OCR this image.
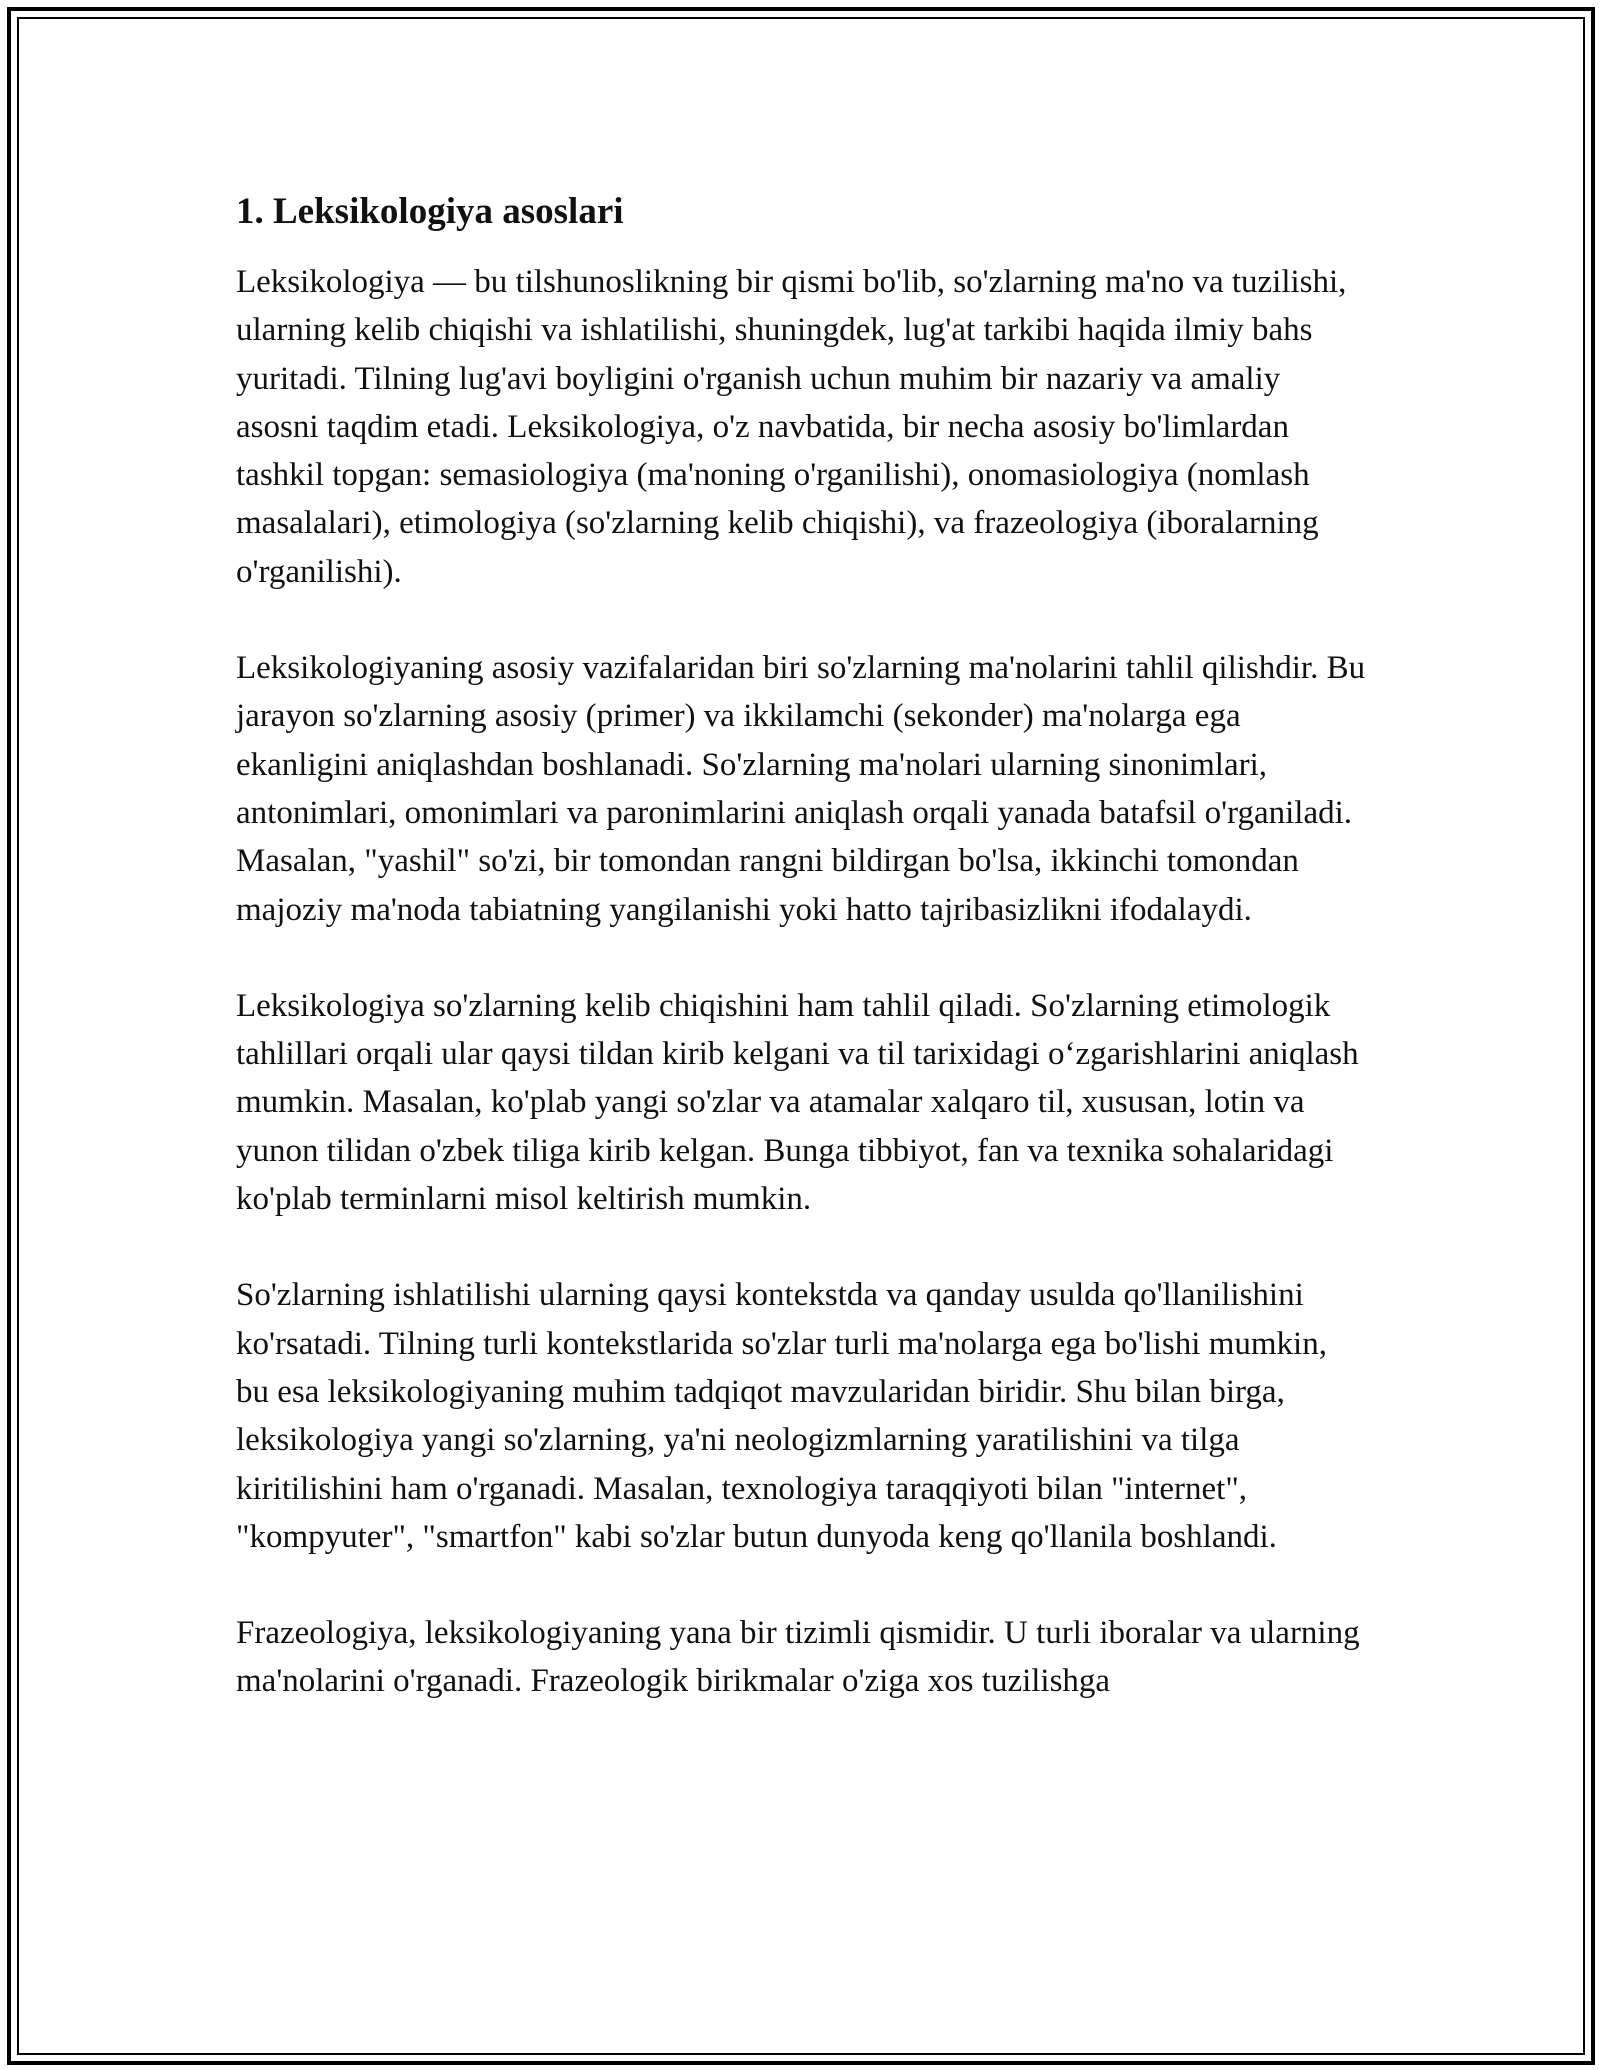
1. Leksikologiya asoslari

Leksikologiya — bu tilshunoslikning bir qismi bo'lib, so'zlarning ma'no va tuzilishi, ularning kelib chiqishi va ishlatilishi, shuningdek, lug'at tarkibi haqida ilmiy bahs yuritadi. Tilning lug'avi boyligini o'rganish uchun muhim bir nazariy va amaliy asosni taqdim etadi. Leksikologiya, o'z navbatida, bir necha asosiy bo'limlardan tashkil topgan: semasiologiya (ma'noning o'rganilishi), onomasiologiya (nomlash masalalari), etimologiya (so'zlarning kelib chiqishi), va frazeologiya (iboralarning o'rganilishi).

Leksikologiyaning asosiy vazifalaridan biri so'zlarning ma'nolarini tahlil qilishdir. Bu jarayon so'zlarning asosiy (primer) va ikkilamchi (sekonder) ma'nolarga ega ekanligini aniqlashdan boshlanadi. So'zlarning ma'nolari ularning sinonimlari, antonimlari, omonimlari va paronimlarini aniqlash orqali yanada batafsil o'rganiladi. Masalan, "yashil" so'zi, bir tomondan rangni bildirgan bo'lsa, ikkinchi tomondan majoziy ma'noda tabiatning yangilanishi yoki hatto tajribasizlikni ifodalaydi.

Leksikologiya so'zlarning kelib chiqishini ham tahlil qiladi. So'zlarning etimologik tahlillari orqali ular qaysi tildan kirib kelgani va til tarixidagi o‘zgarishlarini aniqlash mumkin. Masalan, ko'plab yangi so'zlar va atamalar xalqaro til, xususan, lotin va yunon tilidan o'zbek tiliga kirib kelgan. Bunga tibbiyot, fan va texnika sohalaridagi ko'plab terminlarni misol keltirish mumkin.

So'zlarning ishlatilishi ularning qaysi kontekstda va qanday usulda qo'llanilishini ko'rsatadi. Tilning turli kontekstlarida so'zlar turli ma'nolarga ega bo'lishi mumkin, bu esa leksikologiyaning muhim tadqiqot mavzularidan biridir. Shu bilan birga, leksikologiya yangi so'zlarning, ya'ni neologizmlarning yaratilishini va tilga kiritilishini ham o'rganadi. Masalan, texnologiya taraqqiyoti bilan "internet", "kompyuter", "smartfon" kabi so'zlar butun dunyoda keng qo'llanila boshlandi.

Frazeologiya, leksikologiyaning yana bir tizimli qismidir. U turli iboralar va ularning ma'nolarini o'rganadi. Frazeologik birikmalar o'ziga xos tuzilishga
